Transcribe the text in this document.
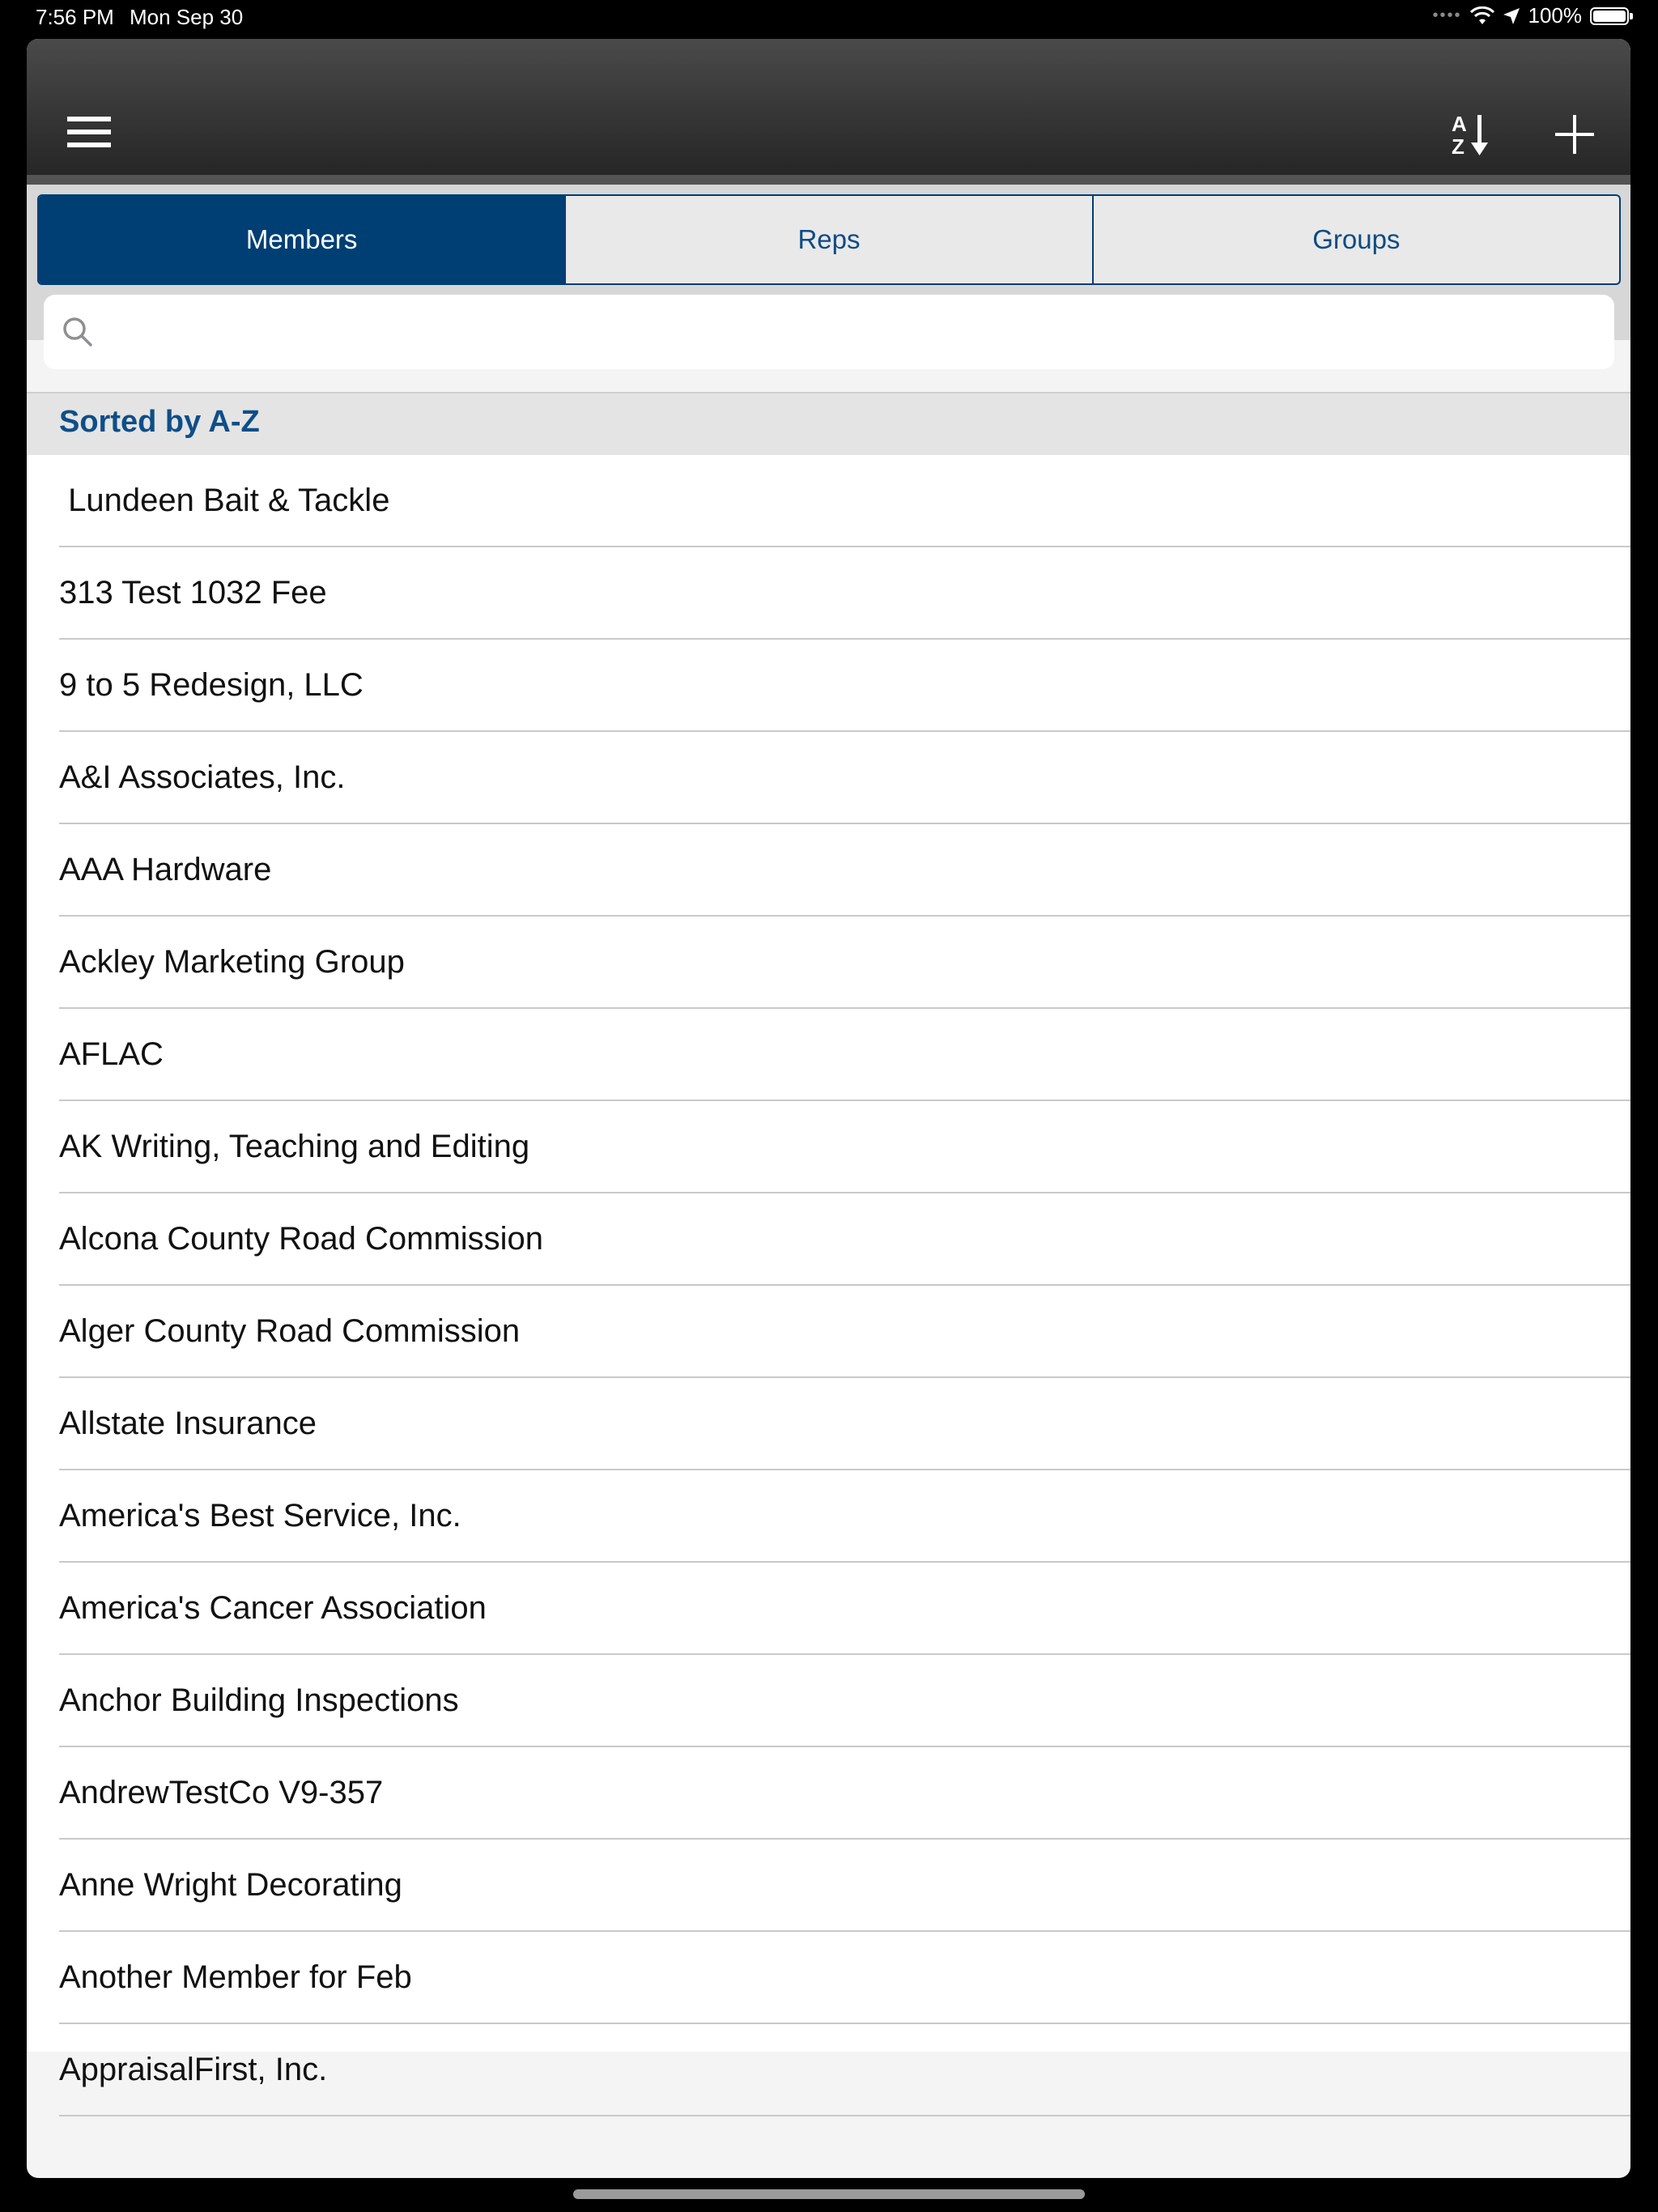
7:56 PM Mon Sep 30	••••	100%
A
Z
Members	Reps	Groups
Sorted by A-Z
Lundeen Bait & Tackle
313 Test 1032 Fee
9 to 5 Redesign, LLC
A&I Associates, Inc.
AAA Hardware
Ackley Marketing Group
AFLAC
AK Writing, Teaching and Editing
Alcona County Road Commission
Alger County Road Commission
Allstate Insurance
America's Best Service, Inc.
America's Cancer Association
Anchor Building Inspections
AndrewTestCo V9-357
Anne Wright Decorating
Another Member for Feb
AppraisalFirst, Inc.
